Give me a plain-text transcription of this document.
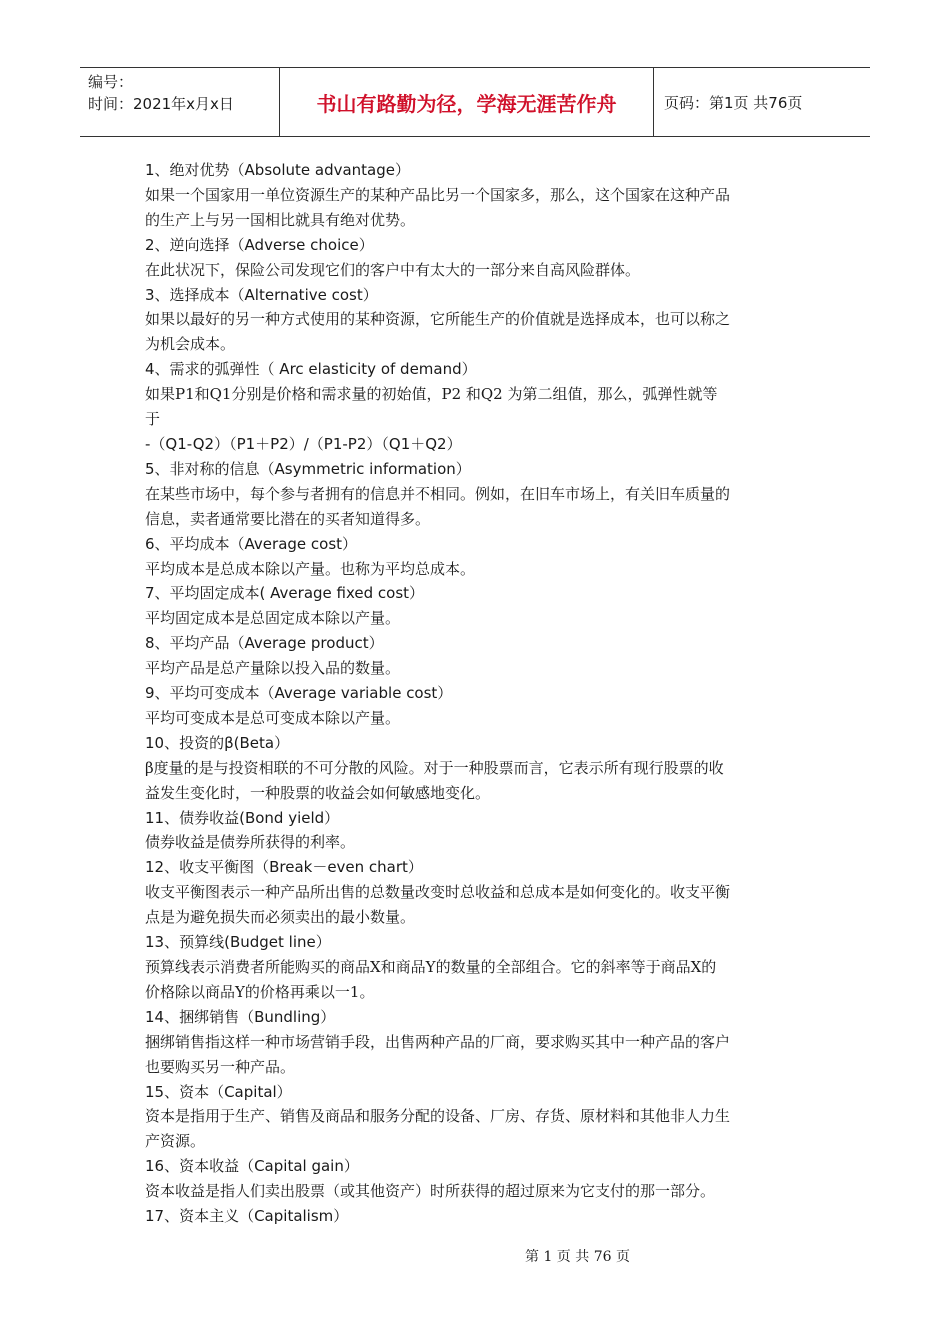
编号：
时间：2021年x月x日	书山有路勤为径，学海无涯苦作舟	页码：第1页 共76页
1、绝对优势（Absolute advantage）
如果一个国家用一单位资源生产的某种产品比另一个国家多，那么，这个国家在这种产品
的生产上与另一国相比就具有绝对优势。
2、逆向选择（Adverse choice）
在此状况下，保险公司发现它们的客户中有太大的一部分来自高风险群体。
3、选择成本（Alternative cost）
如果以最好的另一种方式使用的某种资源，它所能生产的价值就是选择成本，也可以称之
为机会成本。
4、需求的弧弹性（ Arc elasticity of demand）
如果P1和Q1分别是价格和需求量的初始值，P2 和Q2 为第二组值，那么，弧弹性就等
于
-（Q1-Q2）（P1＋P2）/（P1-P2）（Q1＋Q2）
5、非对称的信息（Asymmetric information）
在某些市场中，每个参与者拥有的信息并不相同。例如，在旧车市场上，有关旧车质量的
信息，卖者通常要比潜在的买者知道得多。
6、平均成本（Average cost）
平均成本是总成本除以产量。也称为平均总成本。
7、平均固定成本( Average fixed cost）
平均固定成本是总固定成本除以产量。
8、平均产品（Average product）
平均产品是总产量除以投入品的数量。
9、平均可变成本（Average variable cost）
平均可变成本是总可变成本除以产量。
10、投资的β(Beta）
β度量的是与投资相联的不可分散的风险。对于一种股票而言，它表示所有现行股票的收
益发生变化时，一种股票的收益会如何敏感地变化。
11、债券收益(Bond yield）
债券收益是债券所获得的利率。
12、收支平衡图（Break－even chart）
收支平衡图表示一种产品所出售的总数量改变时总收益和总成本是如何变化的。收支平衡
点是为避免损失而必须卖出的最小数量。
13、预算线(Budget line）
预算线表示消费者所能购买的商品X和商品Y的数量的全部组合。它的斜率等于商品X的
价格除以商品Y的价格再乘以一1。
14、捆绑销售（Bundling）
捆绑销售指这样一种市场营销手段，出售两种产品的厂商，要求购买其中一种产品的客户
也要购买另一种产品。
15、资本（Capital）
资本是指用于生产、销售及商品和服务分配的设备、厂房、存货、原材料和其他非人力生
产资源。
16、资本收益（Capital gain）
资本收益是指人们卖出股票（或其他资产）时所获得的超过原来为它支付的那一部分。
17、资本主义（Capitalism）
第 1 页 共 76 页
